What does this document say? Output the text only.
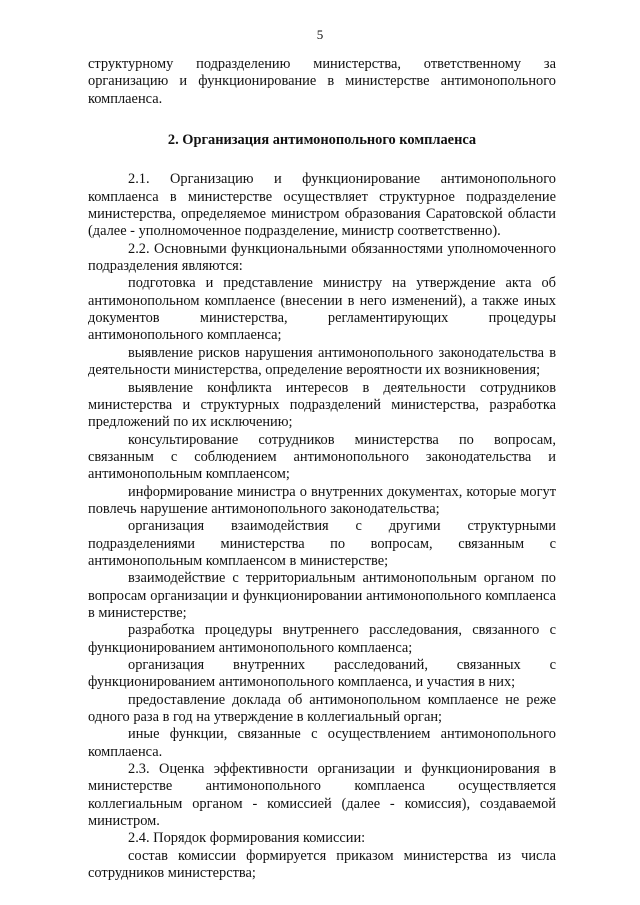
5

структурному подразделению министерства, ответственному за организацию и функционирование в министерстве антимонопольного комплаенса.

2. Организация антимонопольного комплаенса

2.1. Организацию и функционирование антимонопольного комплаенса в министерстве осуществляет структурное подразделение министерства, определяемое министром образования Саратовской области (далее - уполномоченное подразделение, министр соответственно).

2.2. Основными функциональными обязанностями уполномоченного подразделения являются:

подготовка и представление министру на утверждение акта об антимонопольном комплаенсе (внесении в него изменений), а также иных документов министерства, регламентирующих процедуры антимонопольного комплаенса;

выявление рисков нарушения антимонопольного законодательства в деятельности министерства, определение вероятности их возникновения;

выявление конфликта интересов в деятельности сотрудников министерства и структурных подразделений министерства, разработка предложений по их исключению;

консультирование сотрудников министерства по вопросам, связанным с соблюдением антимонопольного законодательства и антимонопольным комплаенсом;

информирование министра о внутренних документах, которые могут повлечь нарушение антимонопольного законодательства;

организация взаимодействия с другими структурными подразделениями министерства по вопросам, связанным с антимонопольным комплаенсом в министерстве;

взаимодействие с территориальным антимонопольным органом по вопросам организации и функционировании антимонопольного комплаенса в министерстве;

разработка процедуры внутреннего расследования, связанного с функционированием антимонопольного комплаенса;

организация внутренних расследований, связанных с функционированием антимонопольного комплаенса, и участия в них;

предоставление доклада об антимонопольном комплаенсе не реже одного раза в год на утверждение в коллегиальный орган;

иные функции, связанные с осуществлением антимонопольного комплаенса.

2.3. Оценка эффективности организации и функционирования в министерстве антимонопольного комплаенса осуществляется коллегиальным органом - комиссией (далее - комиссия), создаваемой министром.

2.4. Порядок формирования комиссии:

состав комиссии формируется приказом министерства из числа сотрудников министерства;
